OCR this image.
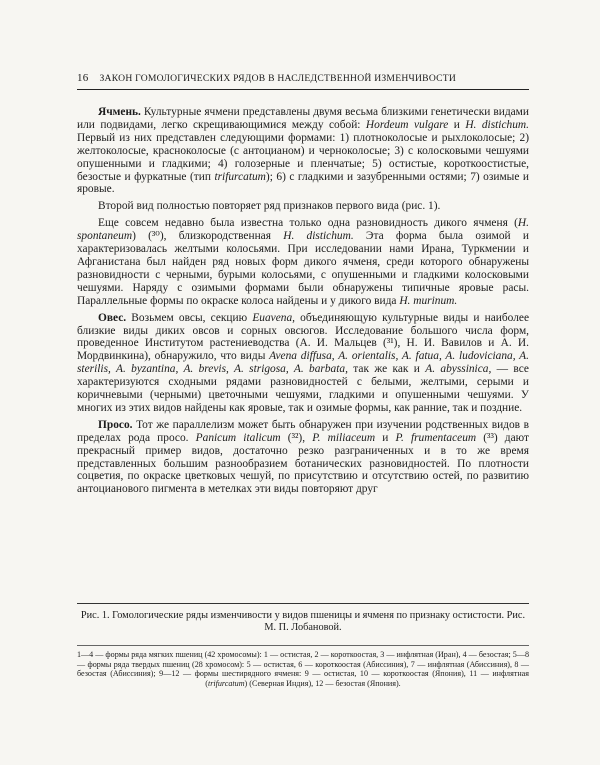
16 ЗАКОН ГОМОЛОГИЧЕСКИХ РЯДОВ В НАСЛЕДСТВЕННОЙ ИЗМЕНЧИВОСТИ

Ячмень. Культурные ячмени представлены двумя весьма близкими генетически видами или подвидами, легко скрещивающимися между собой: Hordeum vulgare и H. distichum. Первый из них представлен следующими формами: 1) плотноколосые и рыхлоколосые; 2) желтоколосые, красноколосые (с антоцианом) и черноколосые; 3) с колосковыми чешуями опушенными и гладкими; 4) голозерные и пленчатые; 5) остистые, короткоостистые, безостые и фуркатные (тип trifurcatum); 6) с гладкими и зазубренными остями; 7) озимые и яровые.

Второй вид полностью повторяет ряд признаков первого вида (рис. 1).

Еще совсем недавно была известна только одна разновидность дикого ячменя (H. spontaneum) (³⁰), близкородственная H. distichum. Эта форма была озимой и характеризовалась желтыми колосьями. При исследовании нами Ирана, Туркмении и Афганистана был найден ряд новых форм дикого ячменя, среди которого обнаружены разновидности с черными, бурыми колосьями, с опушенными и гладкими колосковыми чешуями. Наряду с озимыми формами были обнаружены типичные яровые расы. Параллельные формы по окраске колоса найдены и у дикого вида H. murinum.

Овес. Возьмем овсы, секцию Euavena, объединяющую культурные виды и наиболее близкие виды диких овсов и сорных овсюгов. Исследование большого числа форм, проведенное Институтом растениеводства (А. И. Мальцев (³¹), Н. И. Вавилов и А. И. Мордвинкина), обнаружило, что виды Avena diffusa, A. orientalis, A. fatua, A. ludoviciana, A. sterilis, A. byzantina, A. brevis, A. strigosa, A. barbata, так же как и A. abyssinica, — все характеризуются сходными рядами разновидностей с белыми, желтыми, серыми и коричневыми (черными) цветочными чешуями, гладкими и опушенными чешуями. У многих из этих видов найдены как яровые, так и озимые формы, как ранние, так и поздние.

Просо. Тот же параллелизм может быть обнаружен при изучении родственных видов в пределах рода просо. Panicum italicum (³²), P. miliaceum и P. frumentaceum (³³) дают прекрасный пример видов, достаточно резко разграниченных и в то же время представленных большим разнообразием ботанических разновидностей. По плотности соцветия, по окраске цветковых чешуй, по присутствию и отсутствию остей, по развитию антоцианового пигмента в метелках эти виды повторяют друг

Рис. 1. Гомологические ряды изменчивости у видов пшеницы и ячменя по признаку остистости. Рис. М. П. Лобановой.
1—4 — формы ряда мягких пшениц (42 хромосомы): 1 — остистая, 2 — короткоостая, 3 — инфлятная (Иран), 4 — безостая; 5—8 — формы ряда твердых пшениц (28 хромосом): 5 — остистая, 6 — короткоостая (Абиссиния), 7 — инфлятная (Абиссиния), 8 — безостая (Абиссиния); 9—12 — формы шестирядного ячменя: 9 — остистая, 10 — короткоостая (Япония), 11 — инфлятная (trifurcatum) (Северная Индия), 12 — безостая (Япония).
